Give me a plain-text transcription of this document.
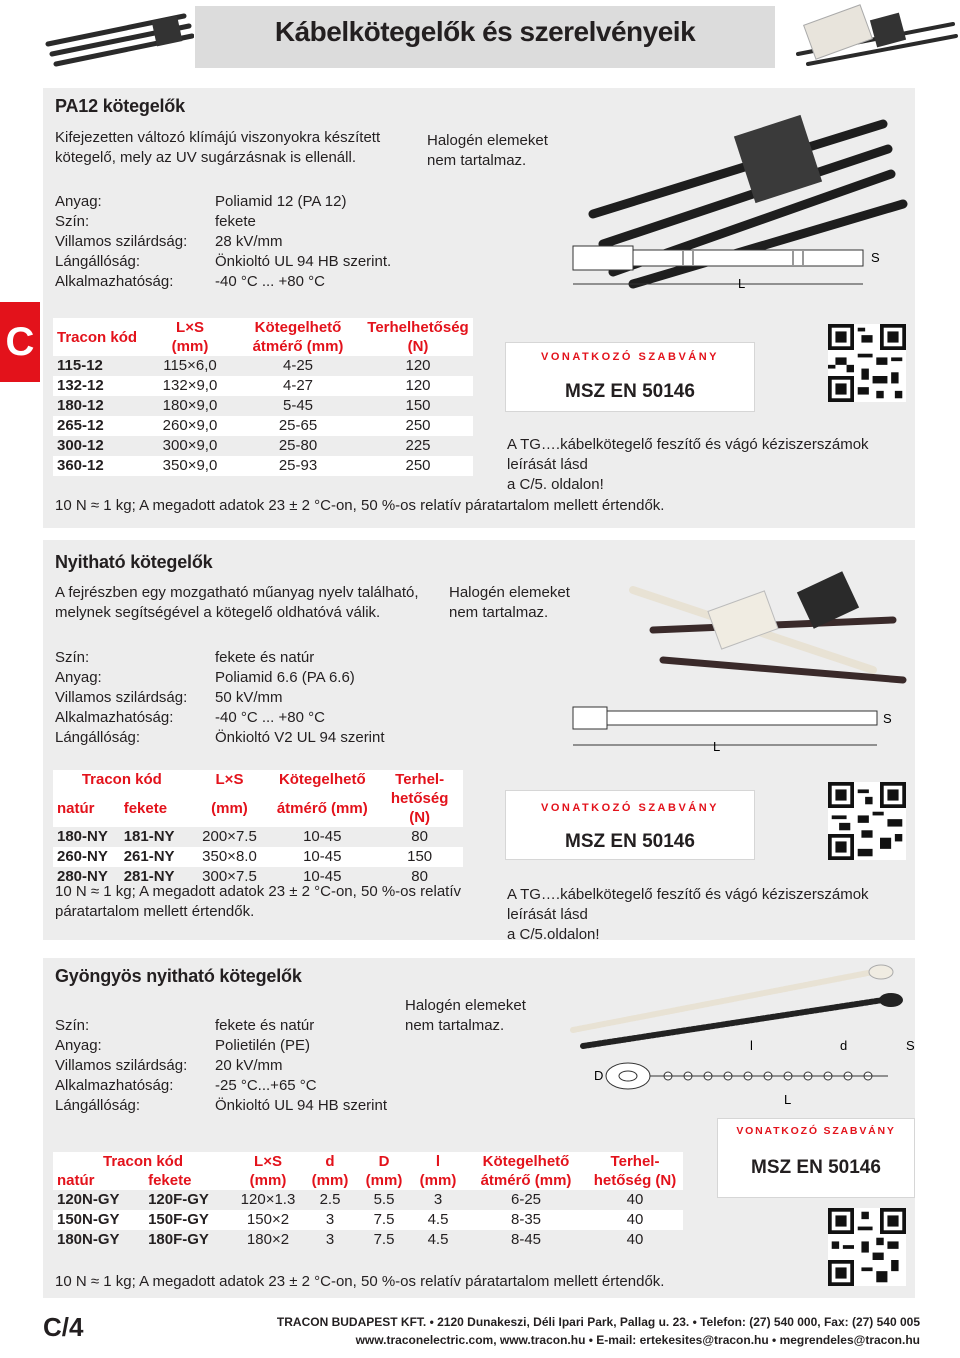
Kábelkötegelők és szerelvényeik
C
PA12 kötegelők
Kifejezetten változó klímájú viszonyokra készített
kötegelő, mely az UV sugárzásnak is ellenáll.
Halogén elemeket
nem tartalmaz.
Anyag:	Poliamid 12 (PA 12)
Szín:	fekete
Villamos szilárdság:	28 kV/mm
Lángállóság:	Önkioltó UL 94 HB szerint.
Alkalmazhatóság:	-40 °C ... +80 °C	L
S
Tracon kód	L×S	Kötegelhető	Terhelhetőség
	(mm)	átmérő (mm)	(N)
115-12	115×6,0	4-25	120
132-12	132×9,0	4-27	120
180-12	180×9,0	5-45	150
265-12	260×9,0	25-65	250
300-12	300×9,0	25-80	225
360-12	350×9,0	25-93	250
VONATKOZÓ SZABVÁNY
MSZ EN 50146
A TG….kábelkötegelő feszítő és vágó kéziszerszámok leírását lásd
a C/5. oldalon!
10 N ≈ 1 kg; A megadott adatok 23 ± 2 °C-on, 50 %-os relatív páratartalom mellett értendők.
Nyitható kötegelők
A fejrészben egy mozgatható műanyag nyelv található,
melynek segítségével a kötegelő oldhatóvá válik.
Halogén elemeket
nem tartalmaz.
Szín:	fekete és natúr
Anyag:	Poliamid 6.6 (PA 6.6)
Villamos szilárdság:	50 kV/mm
Alkalmazhatóság:	-40 °C ... +80 °C
Lángállóság:	Önkioltó V2 UL 94 szerint
L
S
Tracon kód		L×S	Kötegelhető	Terhel-
natúr	fekete	(mm)	átmérő (mm)	hetőség (N)
180-NY	181-NY	200×7.5	10-45	80
260-NY	261-NY	350×8.0	10-45	150
280-NY	281-NY	300×7.5	10-45	80
10 N ≈ 1 kg; A megadott adatok 23 ± 2 °C-on, 50 %-os relatív
páratartalom mellett értendők.
VONATKOZÓ SZABVÁNY
MSZ EN 50146
A TG….kábelkötegelő feszítő és vágó kéziszerszámok leírását lásd
a C/5.oldalon!
Gyöngyös nyitható kötegelők
Halogén elemeket
nem tartalmaz.
Szín:	fekete és natúr
Anyag:	Polietilén (PE)
Villamos szilárdság:	20 kV/mm
Alkalmazhatóság:	-25 °C...+65 °C
Lángállóság:	Önkioltó UL 94 HB szerint
l	d	S
D
L
VONATKOZÓ SZABVÁNY
MSZ EN 50146
Tracon kód		L×S	d	D	l	Kötegelhető	Terhel-
natúr	fekete	(mm)	(mm)	(mm)	(mm)	átmérő (mm)	hetőség (N)
120N-GY	120F-GY	120×1.3	2.5	5.5	3	6-25	40
150N-GY	150F-GY	150×2	3	7.5	4.5	8-35	40
180N-GY	180F-GY	180×2	3	7.5	4.5	8-45	40
10 N ≈ 1 kg; A megadott adatok 23 ± 2 °C-on, 50 %-os relatív páratartalom mellett értendők.
C/4	TRACON BUDAPEST KFT. • 2120 Dunakeszi, Déli Ipari Park, Pallag u. 23. • Telefon: (27) 540 000, Fax: (27) 540 005
www.traconelectric.com, www.tracon.hu • E-mail: ertekesites@tracon.hu • megrendeles@tracon.hu
